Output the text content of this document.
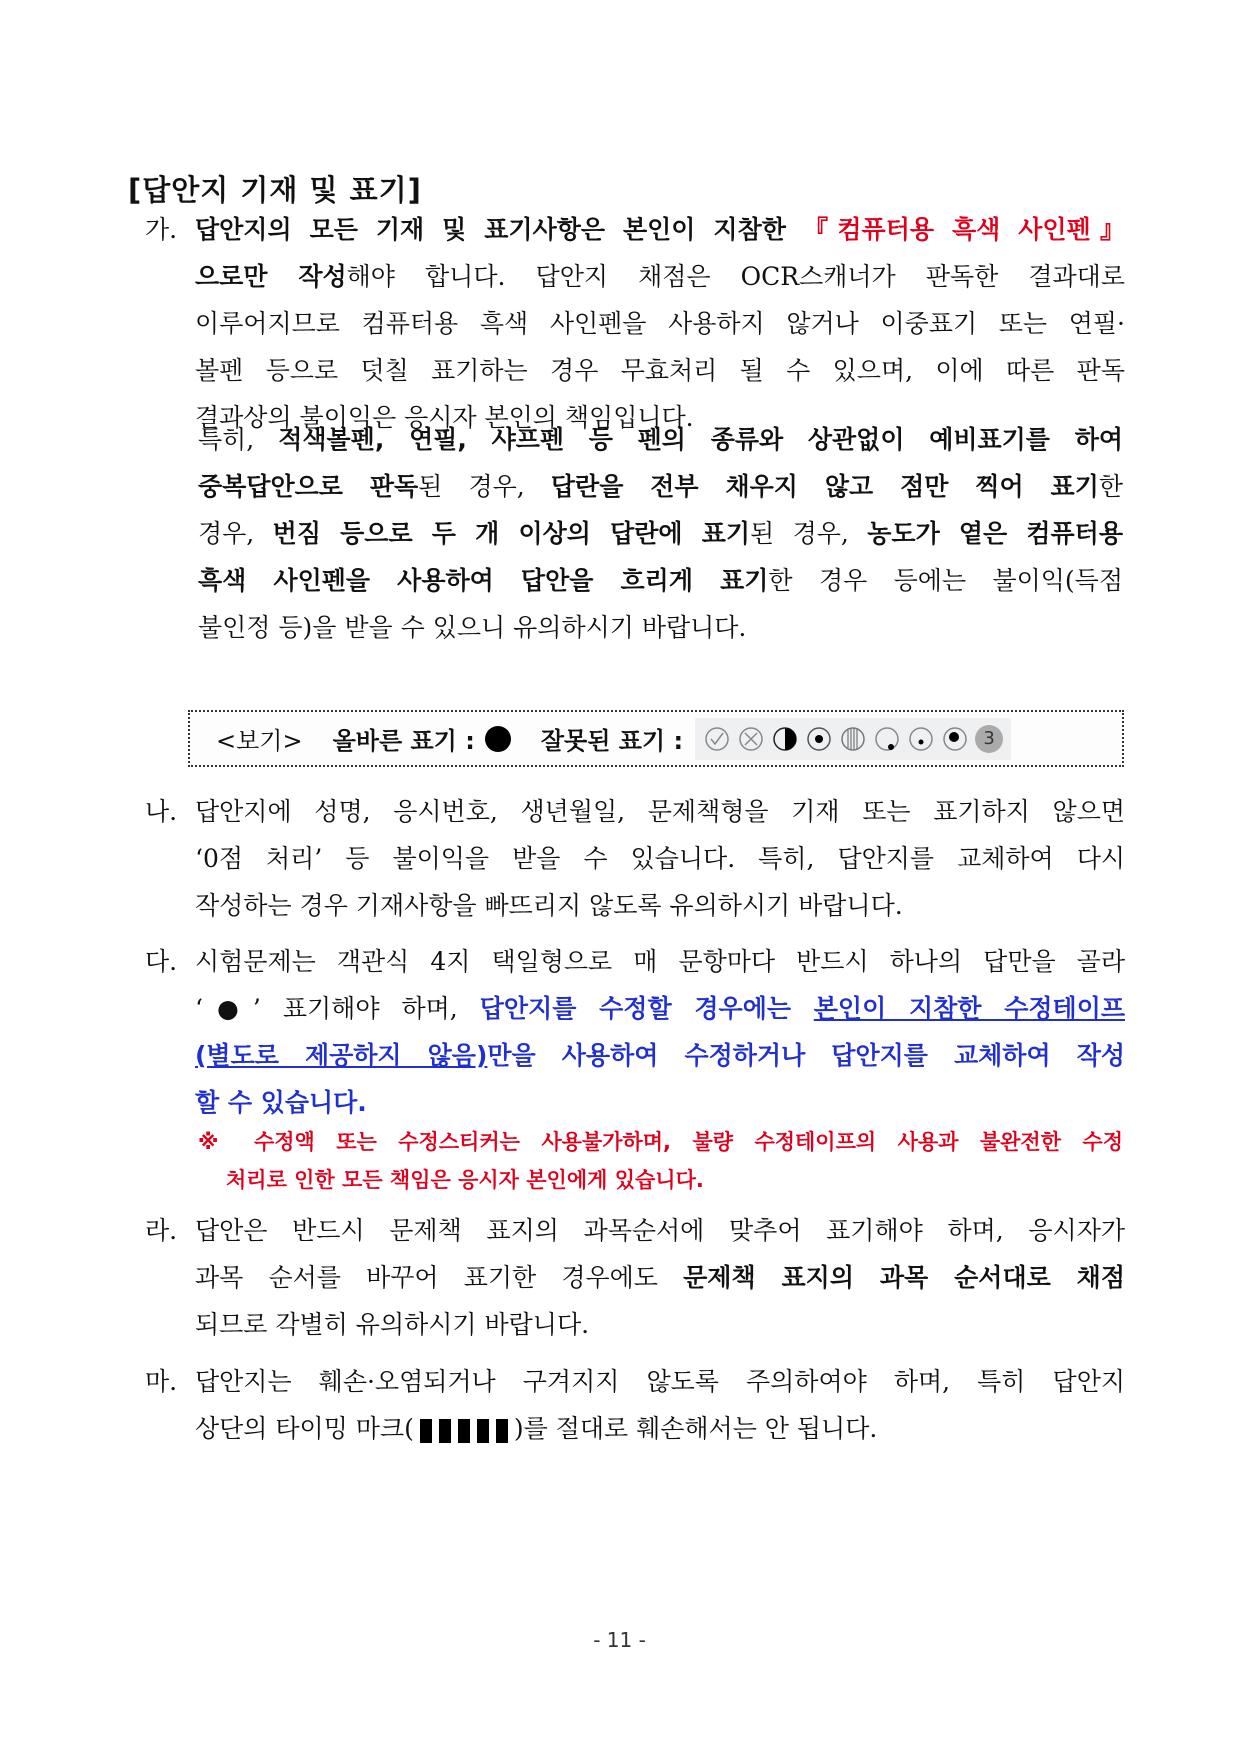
[답안지 기재 및 표기]
가. 답안지의 모든 기재 및 표기사항은 본인이 지참한 『컴퓨터용 흑색 사인펜』
으로만 작성해야 합니다. 답안지 채점은 OCR스캐너가 판독한 결과대로
이루어지므로 컴퓨터용 흑색 사인펜을 사용하지 않거나 이중표기 또는 연필·
볼펜 등으로 덧칠 표기하는 경우 무효처리 될 수 있으며, 이에 따른 판독
결과상의 불이익은 응시자 본인의 책임입니다.
특히, 적색볼펜, 연필, 샤프펜 등 펜의 종류와 상관없이 예비표기를 하여
중복답안으로 판독된 경우, 답란을 전부 채우지 않고 점만 찍어 표기한
경우, 번짐 등으로 두 개 이상의 답란에 표기된 경우, 농도가 옅은 컴퓨터용
흑색 사인펜을 사용하여 답안을 흐리게 표기한 경우 등에는 불이익(득점
불인정 등)을 받을 수 있으니 유의하시기 바랍니다.
<보기> 올바른 표기 :	잘못된 표기 :	3
나. 답안지에 성명, 응시번호, 생년월일, 문제책형을 기재 또는 표기하지 않으면
‘0점 처리’ 등 불이익을 받을 수 있습니다. 특히, 답안지를 교체하여 다시
작성하는 경우 기재사항을 빠뜨리지 않도록 유의하시기 바랍니다.
다. 시험문제는 객관식 4지 택일형으로 매 문항마다 반드시 하나의 답만을 골라
‘●’ 표기해야 하며, 답안지를 수정할 경우에는 본인이 지참한 수정테이프
(별도로 제공하지 않음)만을 사용하여 수정하거나 답안지를 교체하여 작성
할 수 있습니다.
※ 수정액 또는 수정스티커는 사용불가하며, 불량 수정테이프의 사용과 불완전한 수정
처리로 인한 모든 책임은 응시자 본인에게 있습니다.
라. 답안은 반드시 문제책 표지의 과목순서에 맞추어 표기해야 하며, 응시자가
과목 순서를 바꾸어 표기한 경우에도 문제책 표지의 과목 순서대로 채점
되므로 각별히 유의하시기 바랍니다.
마. 답안지는 훼손·오염되거나 구겨지지 않도록 주의하여야 하며, 특히 답안지
상단의 타이밍 마크(	)를 절대로 훼손해서는 안 됩니다.
- 11 -
